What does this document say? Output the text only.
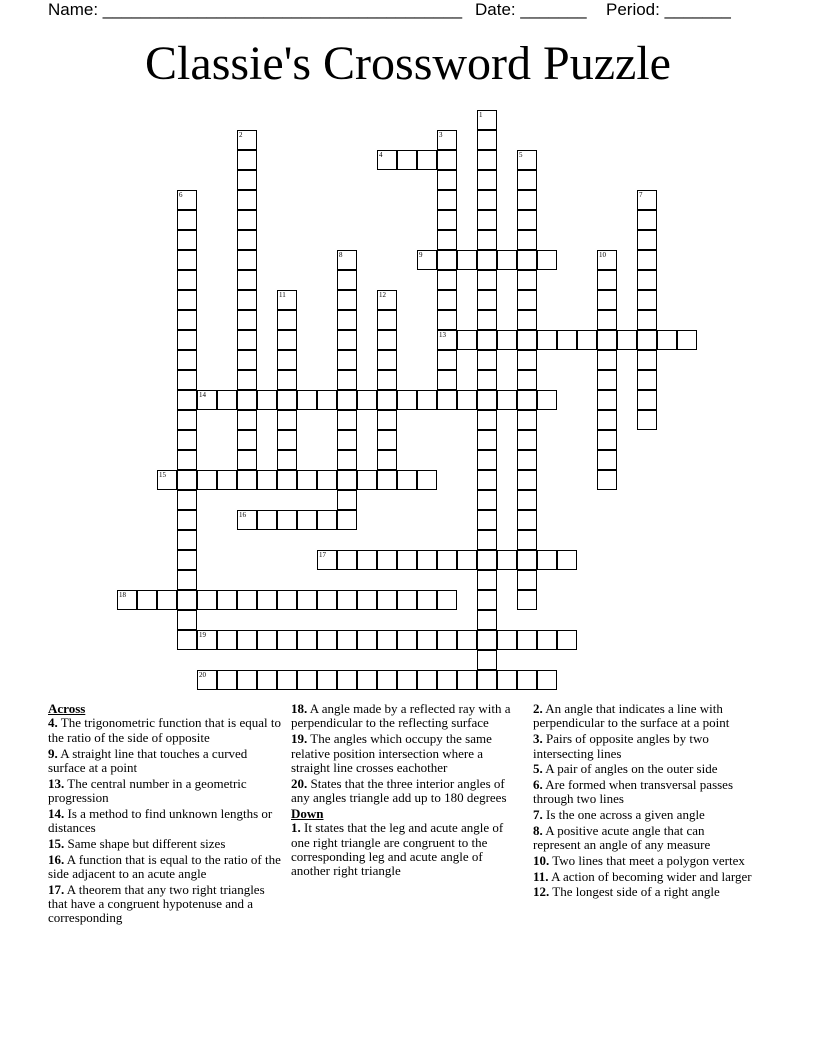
Name: ______________________________________ Date: _______ Period: _______
Classie's Crossword Puzzle
1
2	3
13
4	5
6	7
8	9	10
11	12
14
15
16
17
18
19
20

Across

4. The trigonometric function that is equal to the ratio of the side of opposite

9. A straight line that touches a curved surface at a point

13. The central number in a geometric progression

14. Is a method to find unknown lengths or distances

15. Same shape but different sizes

16. A function that is equal to the ratio of the side adjacent to an acute angle

17. A theorem that any two right triangles that have a congruent hypotenuse and a corresponding

18. A angle made by a reflected ray with a perpendicular to the reflecting surface

19. The angles which occupy the same relative position intersection where a straight line crosses eachother

20. States that the three interior angles of any angles triangle add up to 180 degrees

Down

1. It states that the leg and acute angle of one right triangle are congruent to the corresponding leg and acute angle of another right triangle

2. An angle that indicates a line with perpendicular to the surface at a point

3. Pairs of opposite angles by two intersecting lines

5. A pair of angles on the outer side

6. Are formed when transversal passes through two lines

7. Is the one across a given angle

8. A positive acute angle that can represent an angle of any measure

10. Two lines that meet a polygon vertex

11. A action of becoming wider and larger

12. The longest side of a right angle
